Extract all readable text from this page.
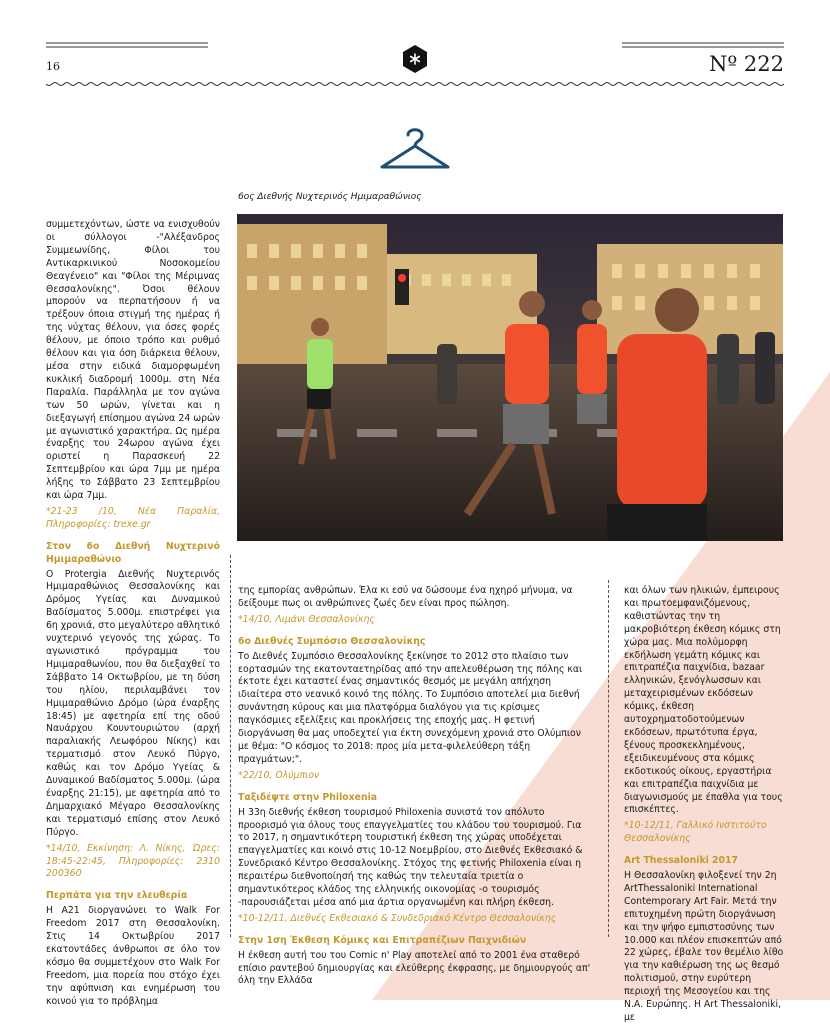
16	Nº 222
6ος Διεθνής Νυχτερινός Ημιμαραθώνιος

συμμετεχόντων, ώστε να ενισχυθούν οι σύλλογοι -"Αλέξανδρος Συμμεωνίδης, Φίλοι του Αντικαρκινικού Νοσοκομείου Θεαγένειο" και "Φίλοι της Μέριμνας Θεσσαλονίκης". Όσοι θέλουν μπορούν να περπατήσουν ή να τρέξουν όποια στιγμή της ημέρας ή της νύχτας θέλουν, για όσες φορές θέλουν, με όποιο τρόπο και ρυθμό θέλουν και για όση διάρκεια θέλουν, μέσα στην ειδικά διαμορφωμένη κυκλική διαδρομή 1000μ. στη Νέα Παραλία. Παράλληλα με τον αγώνα των 50 ωρών, γίνεται και η διεξαγωγή επίσημου αγώνα 24 ωρών με αγωνιστικό χαρακτήρα. Ως ημέρα έναρξης του 24ωρου αγώνα έχει οριστεί η Παρασκευή 22 Σεπτεμβρίου και ώρα 7μμ με ημέρα λήξης το Σάββατο 23 Σεπτεμβρίου και ώρα 7μμ.

*21-23 /10, Νέα Παραλία, Πληροφορίες: trexe.gr
Στον 6ο Διεθνή Νυχτερινό Ημιμαραθώνιο

Ο Protergia Διεθνής Νυχτερινός Ημιμαραθώνιος Θεσσαλονίκης και Δρόμος Υγείας και Δυναμικού Βαδίσματος 5.000μ. επιστρέφει για 6η χρονιά, στο μεγαλύτερο αθλητικό νυχτερινό γεγονός της χώρας. Το αγωνιστικό πρόγραμμα του Ημιμαραθωνίου, που θα διεξαχθεί το Σάββατο 14 Οκτωβρίου, με τη δύση του ηλίου, περιλαμβάνει τον Ημιμαραθώνιο Δρόμο (ώρα έναρξης 18:45) με αφετηρία επί της οδού Ναυάρχου Κουντουριώτου (αρχή παραλιακής Λεωφόρου Νίκης) και τερματισμό στον Λευκό Πύργο, καθώς και τον Δρόμο Υγείας & Δυναμικού Βαδίσματος 5.000μ. (ώρα έναρξης 21:15), με αφετηρία από το Δημαρχιακό Μέγαρο Θεσσαλονίκης και τερματισμό επίσης στον Λευκό Πύργο.

*14/10, Εκκίνηση: Λ. Νίκης, Ώρες: 18:45-22:45, Πληροφορίες: 2310 200360
Περπάτα για την ελευθερία

Η Α21 διοργανώνει το Walk For Freedom 2017 στη Θεσσαλονίκη. Στις 14 Οκτωβρίου 2017 εκατοντάδες άνθρωποι σε όλο τον κόσμο θα συμμετέχουν στο Walk For Freedom, μια πορεία που στόχο έχει την αφύπνιση και ενημέρωση του κοινού για το πρόβλημα

της εμπορίας ανθρώπων. Έλα κι εσύ να δώσουμε ένα ηχηρό μήνυμα, να δείξουμε πως οι ανθρώπινες ζωές δεν είναι προς πώληση.

*14/10, Λιμάνι Θεσσαλονίκης
6ο Διεθνές Συμπόσιο Θεσσαλονίκης

Το Διεθνές Συμπόσιο Θεσσαλονίκης ξεκίνησε το 2012 στο πλαίσιο των εορτασμών της εκατονταετηρίδας από την απελευθέρωση της πόλης και έκτοτε έχει καταστεί ένας σημαντικός θεσμός με μεγάλη απήχηση ιδιαίτερα στο νεανικό κοινό της πόλης. Το Συμπόσιο αποτελεί μια διεθνή συνάντηση κύρους και μια πλατφόρμα διαλόγου για τις κρίσιμες παγκόσμιες εξελίξεις και προκλήσεις της εποχής μας. Η φετινή διοργάνωση θα μας υποδεχτεί για έκτη συνεχόμενη χρονιά στο Ολύμπιον με θέμα: "Ο κόσμος το 2018: προς μία μετα-φιλελεύθερη τάξη πραγμάτων;".

*22/10, Ολύμπιον
Ταξιδέψτε στην Philoxenia

Η 33η διεθνής έκθεση τουρισμού Philoxenia συνιστά τον απόλυτο προορισμό για όλους τους επαγγελματίες του κλάδου του τουρισμού. Για το 2017, η σημαντικότερη τουριστική έκθεση της χώρας υποδέχεται επαγγελματίες και κοινό στις 10-12 Νοεμβρίου, στο Διεθνές Εκθεσιακό & Συνεδριακό Κέντρο Θεσσαλονίκης. Στόχος της φετινής Philoxenia είναι η περαιτέρω διεθνοποίησή της καθώς την τελευταία τριετία ο σημαντικότερος κλάδος της ελληνικής οικονομίας -ο τουρισμός -παρουσιάζεται μέσα από μια άρτια οργανωμένη και πλήρη έκθεση.

*10-12/11, Διεθνές Εκθεσιακό & Συνδεδριακό Κέντρο Θεσσαλονίκης
Στην 1ση Έκθεση Κόμικς και Επιτραπέζιων Παιχνιδιών

Η έκθεση αυτή του του Comic n' Play αποτελεί από το 2001 ένα σταθερό επίσιο ραντεβού δημιουργίας και ελεύθερης έκφρασης, με δημιουργούς απ' όλη την Ελλάδα

και όλων των ηλικιών, έμπειρους και πρωτοεμφανιζόμενους, καθιστώντας την τη μακροβιότερη έκθεση κόμικς στη χώρα μας. Μια πολύμορφη εκδήλωση γεμάτη κόμικς και επιτραπέζια παιχνίδια, bazaar ελληνικών, ξενόγλωσσων και μεταχειρισμένων εκδόσεων κόμικς, έκθεση αυτοχρηματοδοτούμενων εκδόσεων, πρωτότυπα έργα, ξένους προσκεκλημένους, εξειδικευμένους στα κόμικς εκδοτικούς οίκους, εργαστήρια και επιτραπέζια παιχνίδια με διαγωνισμούς με έπαθλα για τους επισκέπτες.

*10-12/11, Γαλλικό Ινστιτούτο Θεσσαλονίκης
Art Thessaloniki 2017

Η Θεσσαλονίκη φιλοξενεί την 2η ArtThessaloniki International Contemporary Art Fair. Μετά την επιτυχημένη πρώτη διοργάνωση και την ψήφο εμπιστοσύνης των 10.000 και πλέον επισκεπτών από 22 χώρες, έβαλε τον θεμέλιο λίθο για την καθιέρωση της ως θεσμό πολιτισμού, στην ευρύτερη περιοχή της Μεσογείου και της Ν.Α. Ευρώπης. Η Art Thessaloniki, με
